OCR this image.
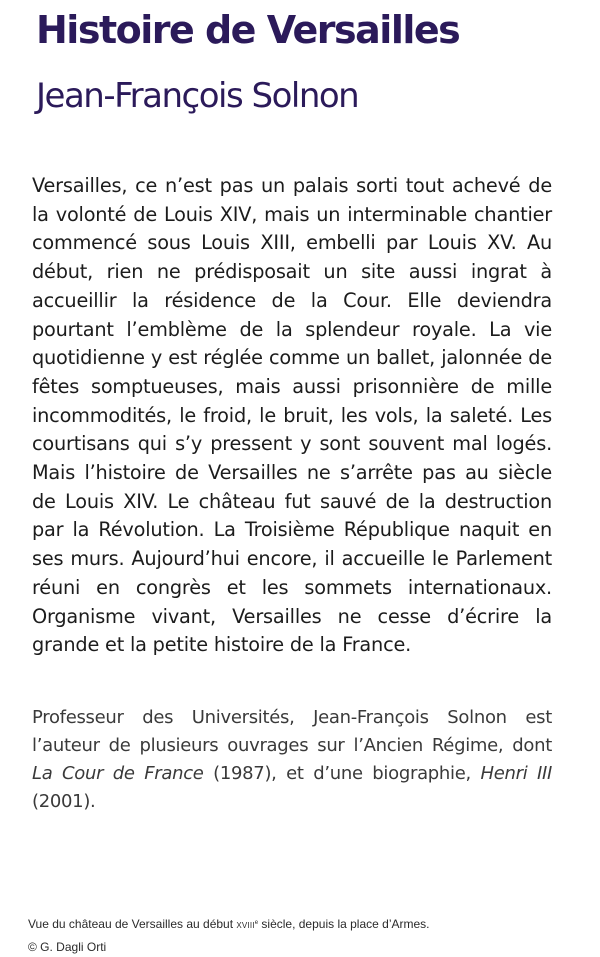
Histoire de Versailles
Jean-François Solnon

Versailles, ce n’est pas un palais sorti tout achevé de la volonté de Louis XIV, mais un interminable chantier commencé sous Louis XIII, embelli par Louis XV. Au début, rien ne prédisposait un site aussi ingrat à accueillir la résidence de la Cour. Elle deviendra pourtant l’emblème de la splendeur royale. La vie quotidienne y est réglée comme un ballet, jalonnée de fêtes somptueuses, mais aussi prisonnière de mille incommodités, le froid, le bruit, les vols, la saleté. Les courtisans qui s’y pressent y sont souvent mal logés. Mais l’histoire de Versailles ne s’arrête pas au siècle de Louis XIV. Le château fut sauvé de la destruction par la Révolution. La Troisième République naquit en ses murs. Aujourd’hui encore, il accueille le Parlement réuni en congrès et les sommets internationaux. Organisme vivant, Versailles ne cesse d’écrire la grande et la petite histoire de la France.

Professeur des Universités, Jean-François Solnon est l’auteur de plusieurs ouvrages sur l’Ancien Régime, dont La Cour de France (1987), et d’une biographie, Henri III (2001).

Vue du château de Versailles au début XVIIIe siècle, depuis la place d’Armes.

© G. Dagli Orti
